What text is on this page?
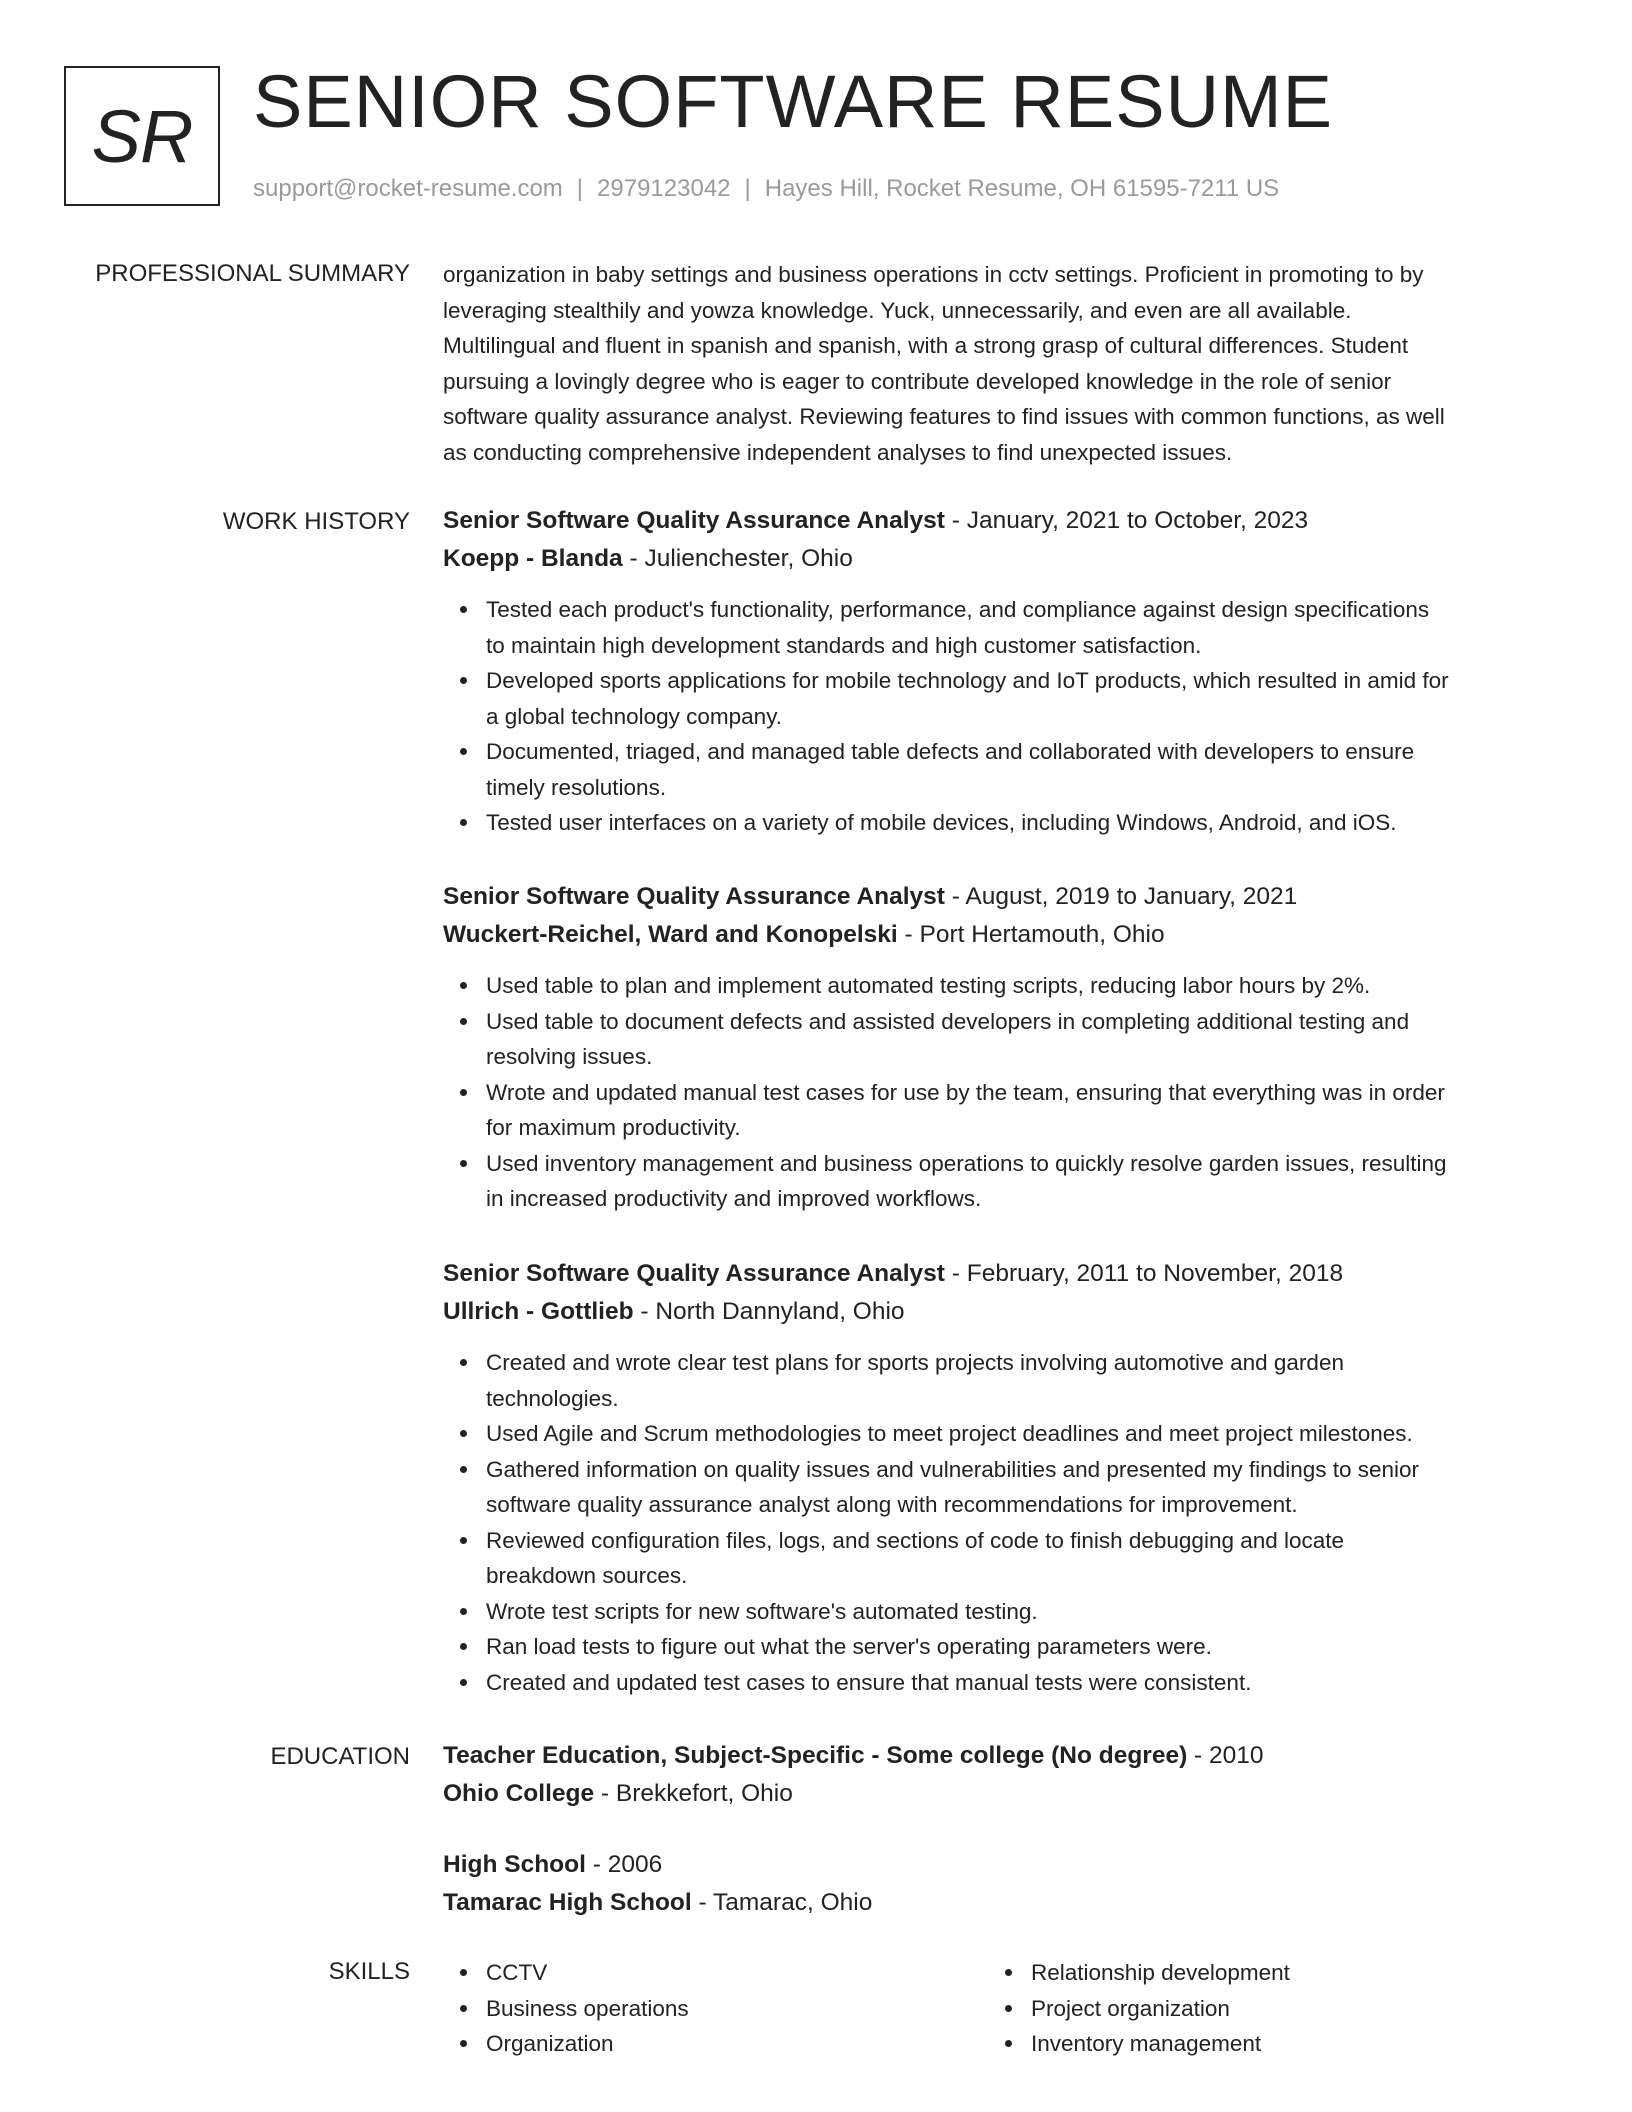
SR SENIOR SOFTWARE RESUME
support@rocket-resume.com | 2979123042 | Hayes Hill, Rocket Resume, OH 61595-7211 US
PROFESSIONAL SUMMARY organization in baby settings and business operations in cctv settings. Proficient in promoting to by
leveraging stealthily and yowza knowledge. Yuck, unnecessarily, and even are all available.
Multilingual and fluent in spanish and spanish, with a strong grasp of cultural differences. Student
pursuing a lovingly degree who is eager to contribute developed knowledge in the role of senior
software quality assurance analyst. Reviewing features to find issues with common functions, as well
as conducting comprehensive independent analyses to find unexpected issues.
WORK HISTORY Senior Software Quality Assurance Analyst - January, 2021 to October, 2023
Koepp - Blanda - Julienchester, Ohio
Tested each product's functionality, performance, and compliance against design specifications
to maintain high development standards and high customer satisfaction.
Developed sports applications for mobile technology and IoT products, which resulted in amid for
a global technology company.
Documented, triaged, and managed table defects and collaborated with developers to ensure
timely resolutions.
Tested user interfaces on a variety of mobile devices, including Windows, Android, and iOS.
Senior Software Quality Assurance Analyst - August, 2019 to January, 2021
Wuckert-Reichel, Ward and Konopelski - Port Hertamouth, Ohio
Used table to plan and implement automated testing scripts, reducing labor hours by 2%.
Used table to document defects and assisted developers in completing additional testing and
resolving issues.
Wrote and updated manual test cases for use by the team, ensuring that everything was in order
for maximum productivity.
Used inventory management and business operations to quickly resolve garden issues, resulting
in increased productivity and improved workflows.
Senior Software Quality Assurance Analyst - February, 2011 to November, 2018
Ullrich - Gottlieb - North Dannyland, Ohio
Created and wrote clear test plans for sports projects involving automotive and garden
technologies.
Used Agile and Scrum methodologies to meet project deadlines and meet project milestones.
Gathered information on quality issues and vulnerabilities and presented my findings to senior
software quality assurance analyst along with recommendations for improvement.
Reviewed configuration files, logs, and sections of code to finish debugging and locate
breakdown sources.
Wrote test scripts for new software's automated testing.
Ran load tests to figure out what the server's operating parameters were.
Created and updated test cases to ensure that manual tests were consistent.
EDUCATION Teacher Education, Subject-Specific - Some college (No degree) - 2010
Ohio College - Brekkefort, Ohio
High School - 2006
Tamarac High School - Tamarac, Ohio
SKILLS	CCTV
Business operations
Organization
Relationship development
Project organization
Inventory management
